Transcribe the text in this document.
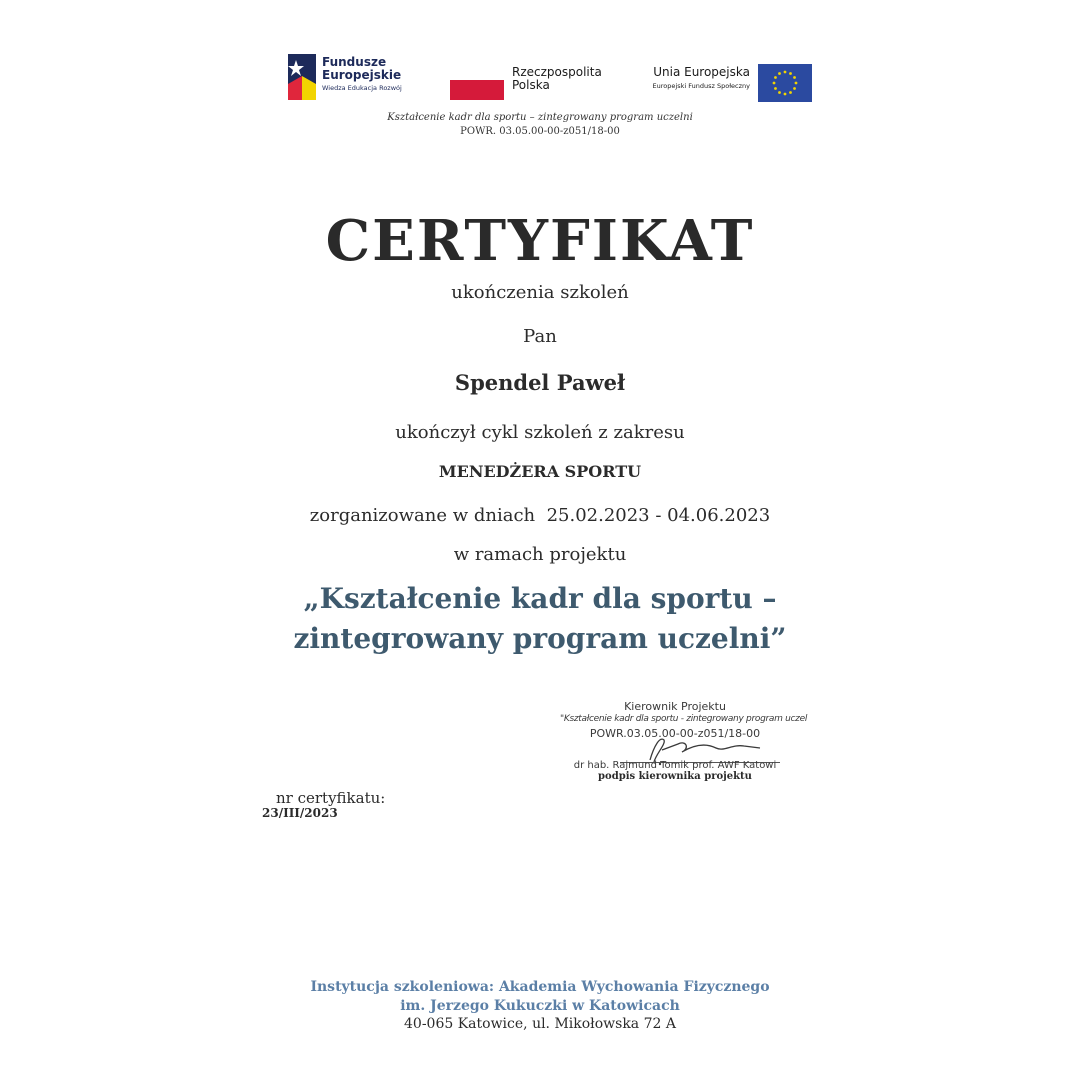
Fundusze
Europejskie
Wiedza Edukacja Rozwój
Rzeczpospolita
Polska
Unia Europejska
Europejski Fundusz Społeczny
Kształcenie kadr dla sportu – zintegrowany program uczelni
POWR. 03.05.00-00-z051/18-00
CERTYFIKAT
ukończenia szkoleń
Pan
Spendel Paweł
ukończył cykl szkoleń z zakresu
MENEDŻERA SPORTU
zorganizowane w dniach  25.02.2023 - 04.06.2023
w ramach projektu
„Kształcenie kadr dla sportu –
zintegrowany program uczelni”
Kierownik Projektu
"Kształcenie kadr dla sportu - zintegrowany program uczel
POWR.03.05.00-00-z051/18-00
dr hab. Rajmund Tomik prof. AWF Katowi
podpis kierownika projektu
nr certyfikatu:
23/III/2023
Instytucja szkoleniowa: Akademia Wychowania Fizycznego
im. Jerzego Kukuczki w Katowicach
40-065 Katowice, ul. Mikołowska 72 A
